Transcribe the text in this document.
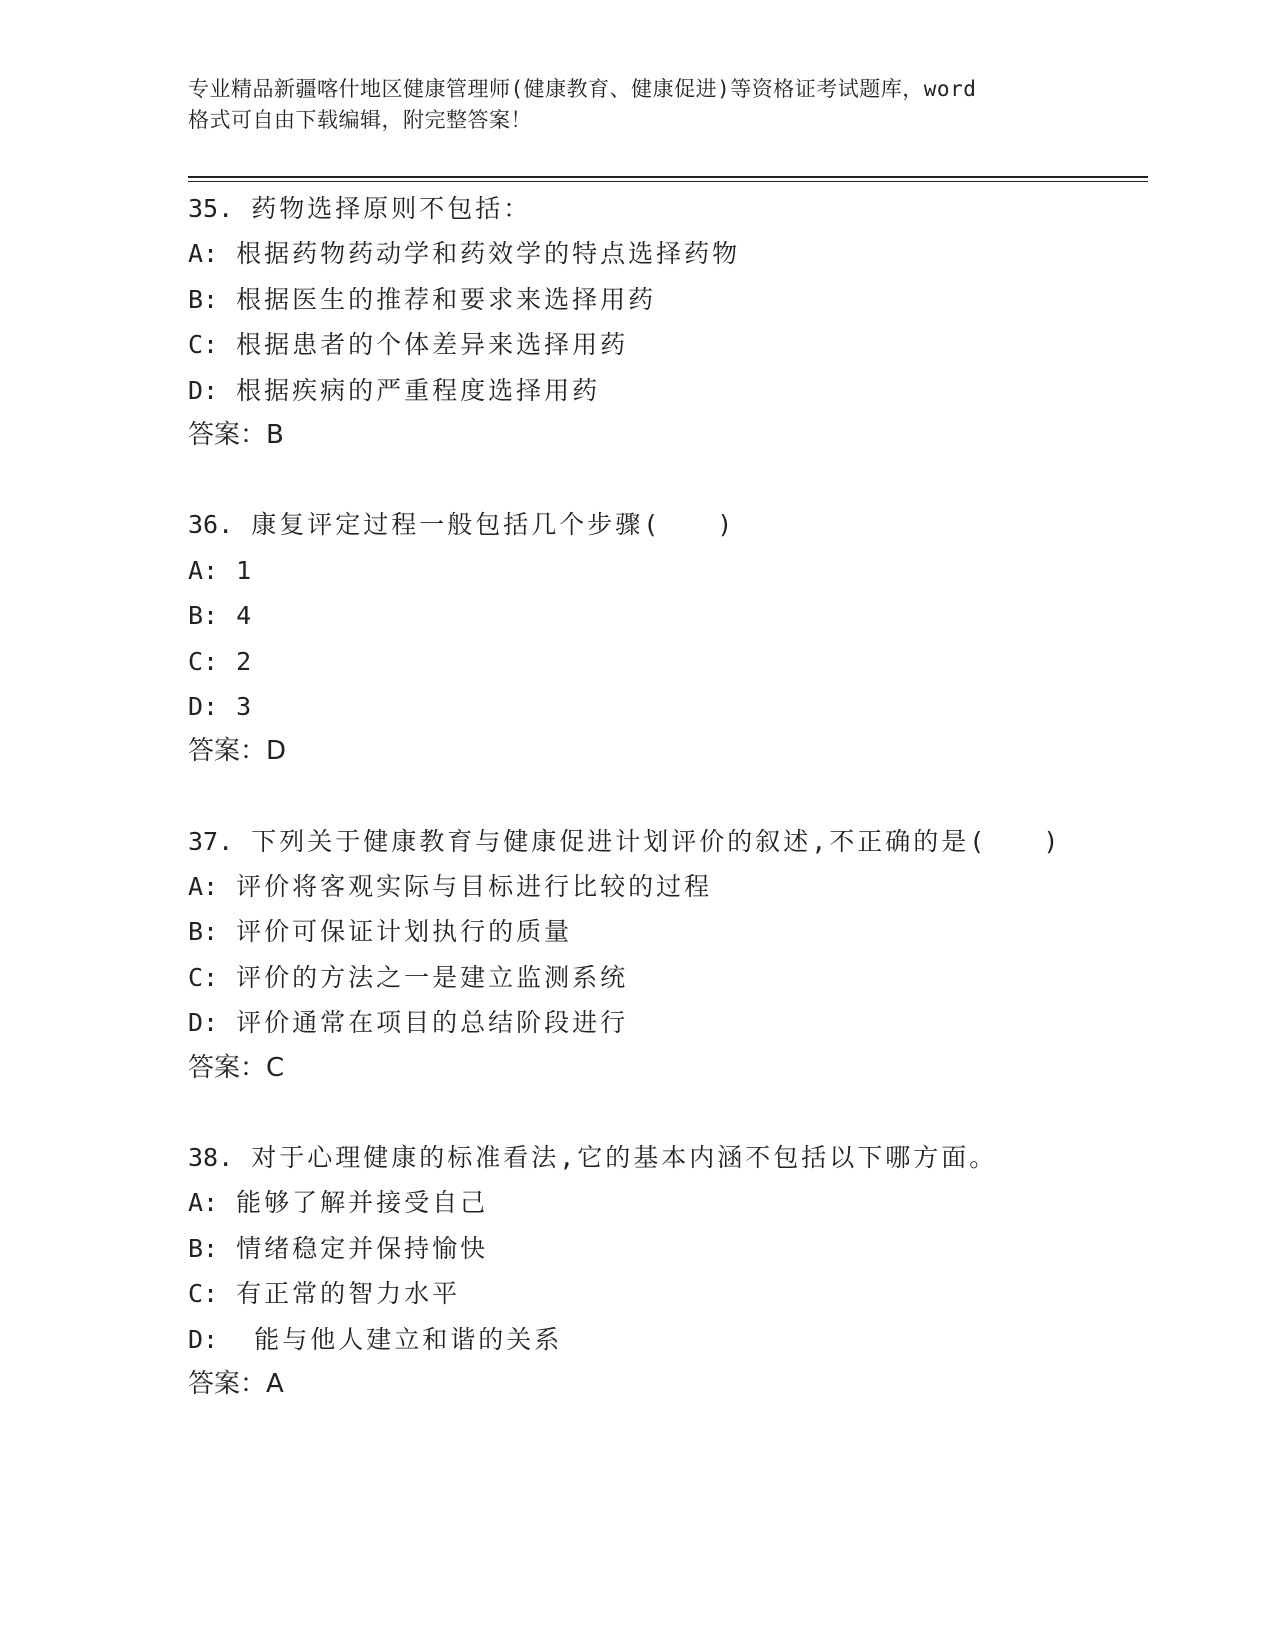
专业精品新疆喀什地区健康管理师(健康教育、健康促进)等资格证考试题库，word
格式可自由下载编辑，附完整答案！
35. 药物选择原则不包括：
A: 根据药物药动学和药效学的特点选择药物
B: 根据医生的推荐和要求来选择用药
C: 根据患者的个体差异来选择用药
D: 根据疾病的严重程度选择用药
答案：B
36. 康复评定过程一般包括几个步骤(　　)
A: 1
B: 4
C: 2
D: 3
答案：D
37. 下列关于健康教育与健康促进计划评价的叙述,不正确的是(　　)
A: 评价将客观实际与目标进行比较的过程
B: 评价可保证计划执行的质量
C: 评价的方法之一是建立监测系统
D: 评价通常在项目的总结阶段进行
答案：C
38. 对于心理健康的标准看法,它的基本内涵不包括以下哪方面。
A: 能够了解并接受自己
B: 情绪稳定并保持愉快
C: 有正常的智力水平
D:  能与他人建立和谐的关系
答案：A
